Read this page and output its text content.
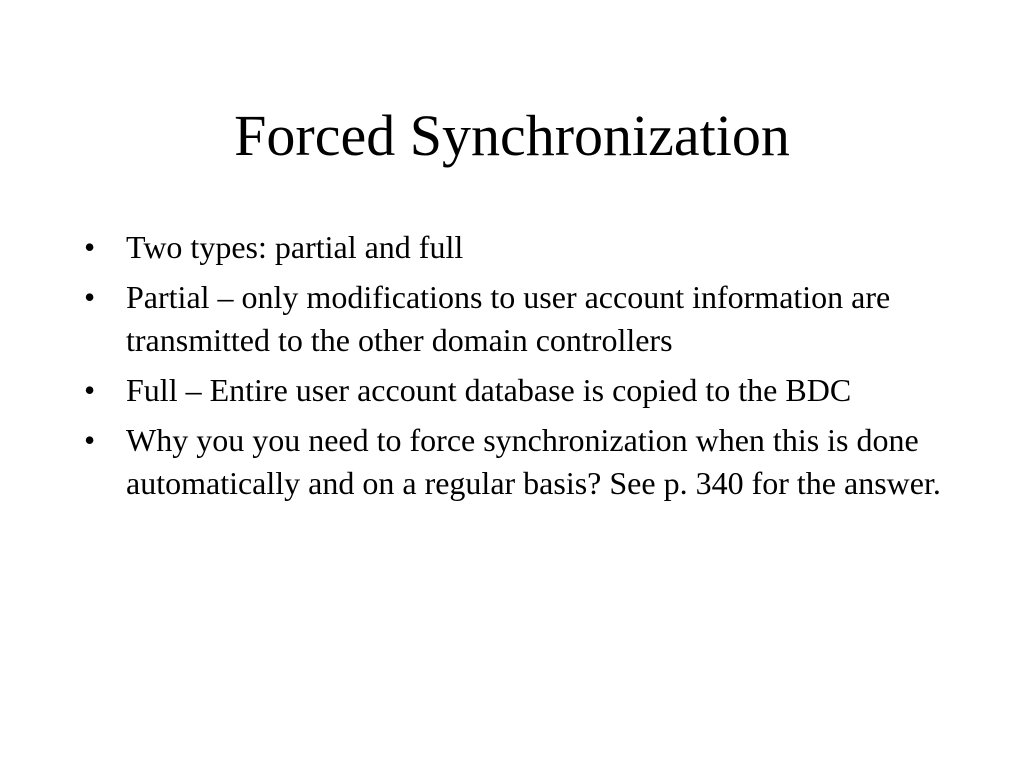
Forced Synchronization
• Two types: partial and full
• Partial – only modifications to user account information are transmitted to the other domain controllers
• Full – Entire user account database is copied to the BDC
• Why you you need to force synchronization when this is done automatically and on a regular basis? See p. 340 for the answer.
